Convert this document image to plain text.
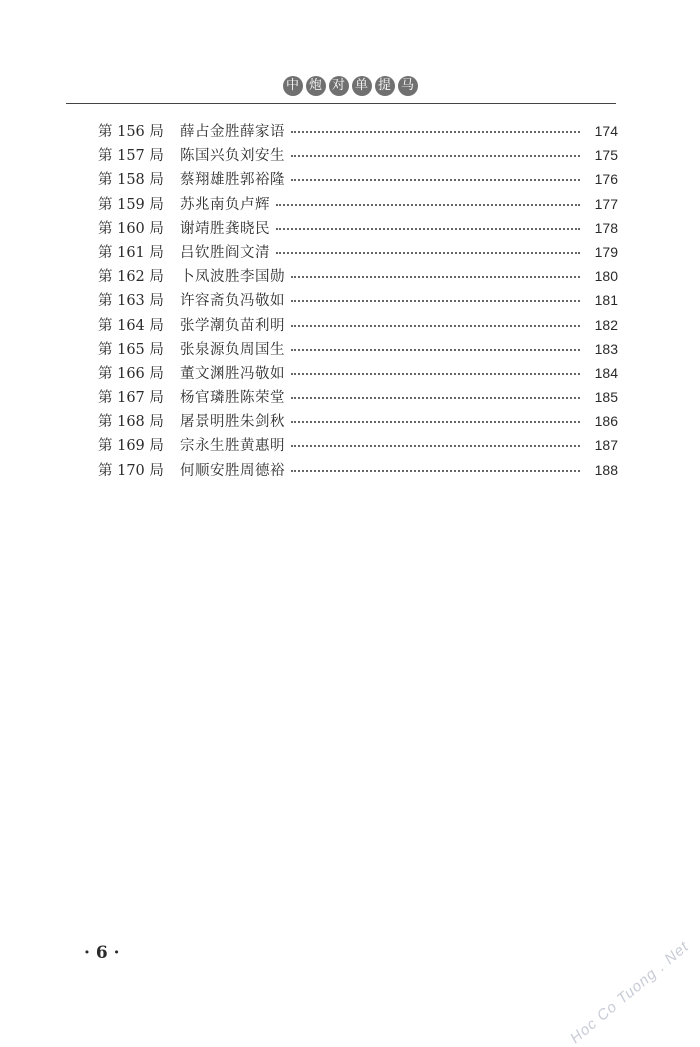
中 炮 对 单 提 马
第 156 局	薛占金胜薛家语	174
第 157 局	陈国兴负刘安生	175
第 158 局	蔡翔雄胜郭裕隆	176
第 159 局	苏兆南负卢辉	177
第 160 局	谢靖胜龚晓民	178
第 161 局	吕钦胜阎文清	179
第 162 局	卜凤波胜李国勋	180
第 163 局	许容斋负冯敬如	181
第 164 局	张学潮负苗利明	182
第 165 局	张泉源负周国生	183
第 166 局	董文渊胜冯敬如	184
第 167 局	杨官璘胜陈荣堂	185
第 168 局	屠景明胜朱剑秋	186
第 169 局	宗永生胜黄惠明	187
第 170 局	何顺安胜周德裕	188
· 6 ·	Hoc Co Tuong . Net
